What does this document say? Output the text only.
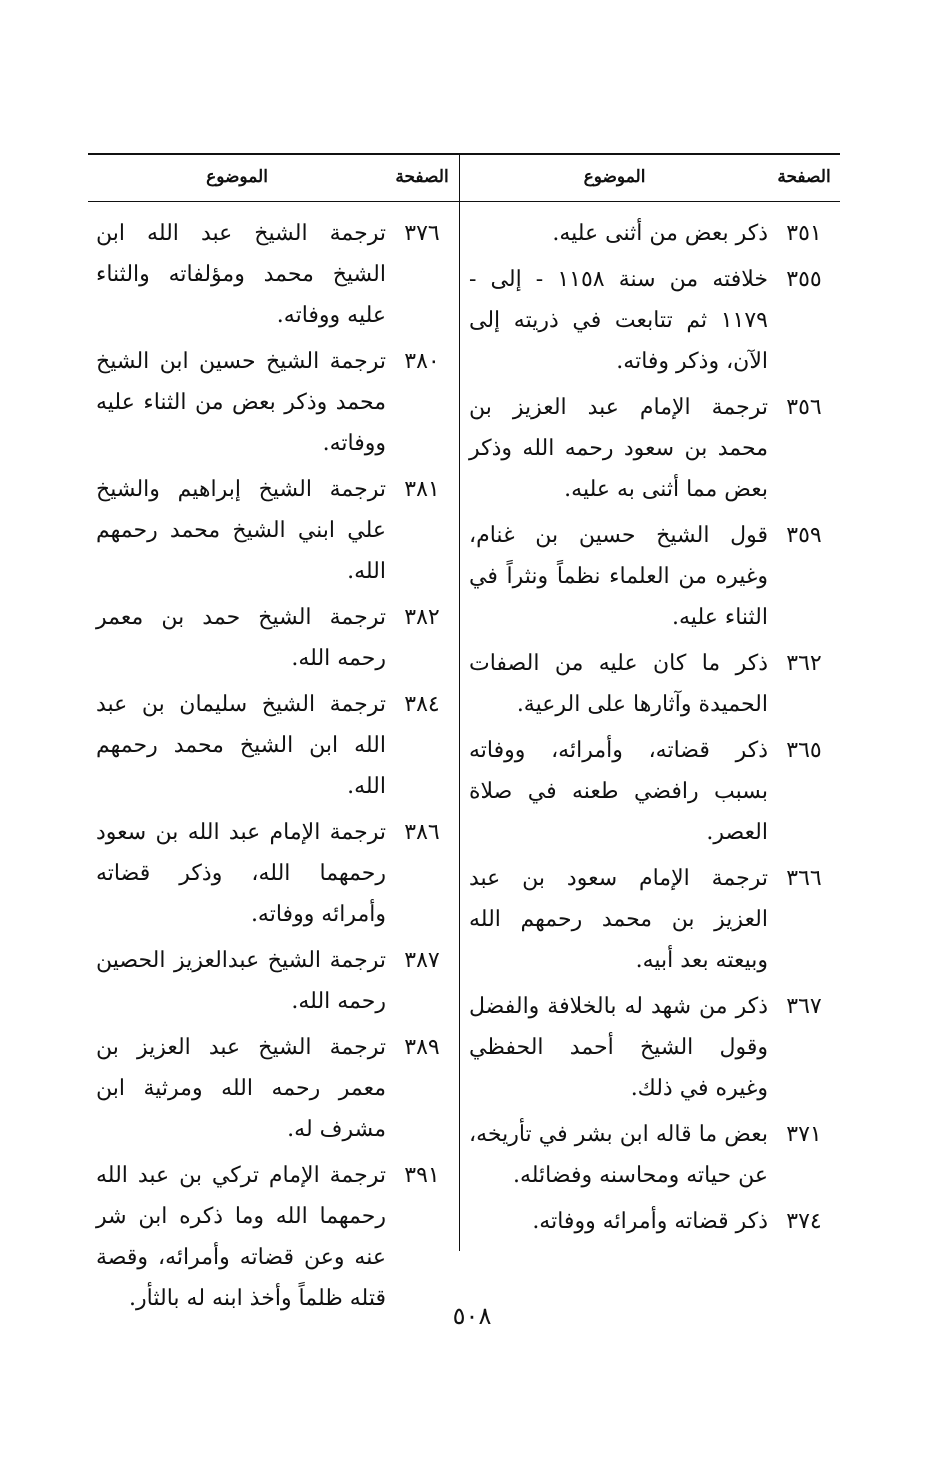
الصفحة
الموضوع
٣٥١
ذكر بعض من أثنى عليه.
٣٥٥
خلافته من سنة ١١٥٨ - إلى - ١١٧٩ ثم تتابعت في ذريته إلى الآن، وذكر وفاته.
٣٥٦
ترجمة الإمام عبد العزيز بن محمد بن سعود رحمه الله وذكر بعض مما أثنى به عليه.
٣٥٩
قول الشيخ حسين بن غنام، وغيره من العلماء نظماً ونثراً في الثناء عليه.
٣٦٢
ذكر ما كان عليه من الصفات الحميدة وآثارها على الرعية.
٣٦٥
ذكر قضاته، وأمرائه، ووفاته بسبب رافضي طعنه في صلاة العصر.
٣٦٦
ترجمة الإمام سعود بن عبد العزيز بن محمد رحمهم الله وبيعته بعد أبيه.
٣٦٧
ذكر من شهد له بالخلافة والفضل وقول الشيخ أحمد الحفظي وغيره في ذلك.
٣٧١
بعض ما قاله ابن بشر في تأريخه، عن حياته ومحاسنه وفضائله.
٣٧٤
ذكر قضاته وأمرائه ووفاته.
الصفحة
الموضوع
٣٧٦
ترجمة الشيخ عبد الله ابن الشيخ محمد ومؤلفاته والثناء عليه ووفاته.
٣٨٠
ترجمة الشيخ حسين ابن الشيخ محمد وذكر بعض من الثناء عليه ووفاته.
٣٨١
ترجمة الشيخ إبراهيم والشيخ علي ابني الشيخ محمد رحمهم الله.
٣٨٢
ترجمة الشيخ حمد بن معمر رحمه الله.
٣٨٤
ترجمة الشيخ سليمان بن عبد الله ابن الشيخ محمد رحمهم الله.
٣٨٦
ترجمة الإمام عبد الله بن سعود رحمهما الله، وذكر قضاته وأمرائه ووفاته.
٣٨٧
ترجمة الشيخ عبدالعزيز الحصين رحمه الله.
٣٨٩
ترجمة الشيخ عبد العزيز بن معمر رحمه الله ومرثية ابن مشرف له.
٣٩١
ترجمة الإمام تركي بن عبد الله رحمهما الله وما ذكره ابن شر عنه وعن قضاته وأمرائه، وقصة قتله ظلماً وأخذ ابنه له بالثأر.
٥٠٨
